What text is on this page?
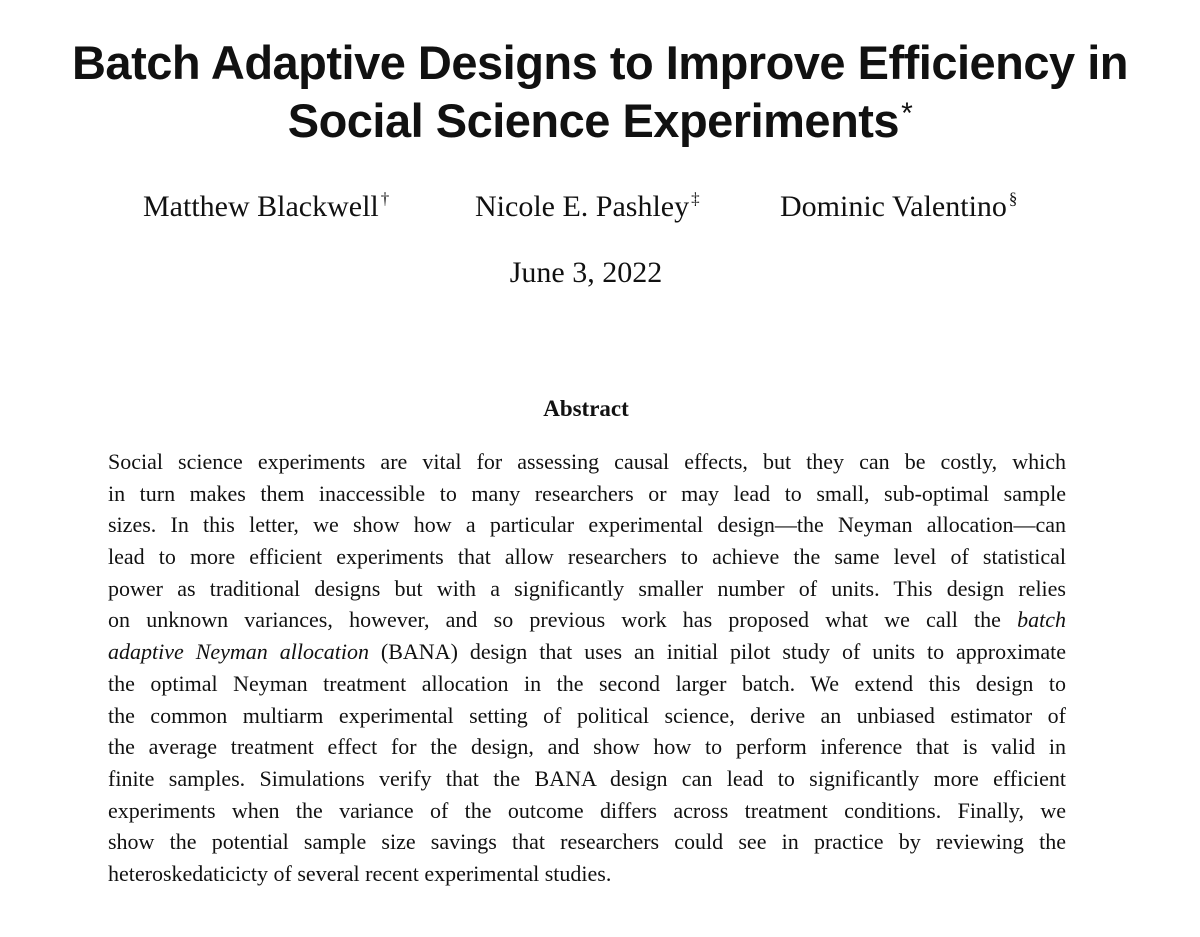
Batch Adaptive Designs to Improve Efficiency in
Social Science Experiments*
Matthew Blackwell †	Nicole E. Pashley ‡	Dominic Valentino §
June 3, 2022
Abstract
Social science experiments are vital for assessing causal effects, but they can be costly, which
in turn makes them inaccessible to many researchers or may lead to small, sub-optimal sample
sizes. In this letter, we show how a particular experimental design—the Neyman allocation—can
lead to more efficient experiments that allow researchers to achieve the same level of statistical
power as traditional designs but with a significantly smaller number of units. This design relies
on unknown variances, however, and so previous work has proposed what we call the batch
adaptive Neyman allocation (BANA) design that uses an initial pilot study of units to approximate
the optimal Neyman treatment allocation in the second larger batch. We extend this design to
the common multiarm experimental setting of political science, derive an unbiased estimator of
the average treatment effect for the design, and show how to perform inference that is valid in
finite samples. Simulations verify that the BANA design can lead to significantly more efficient
experiments when the variance of the outcome differs across treatment conditions. Finally, we
show the potential sample size savings that researchers could see in practice by reviewing the
heteroskedaticicty of several recent experimental studies.
